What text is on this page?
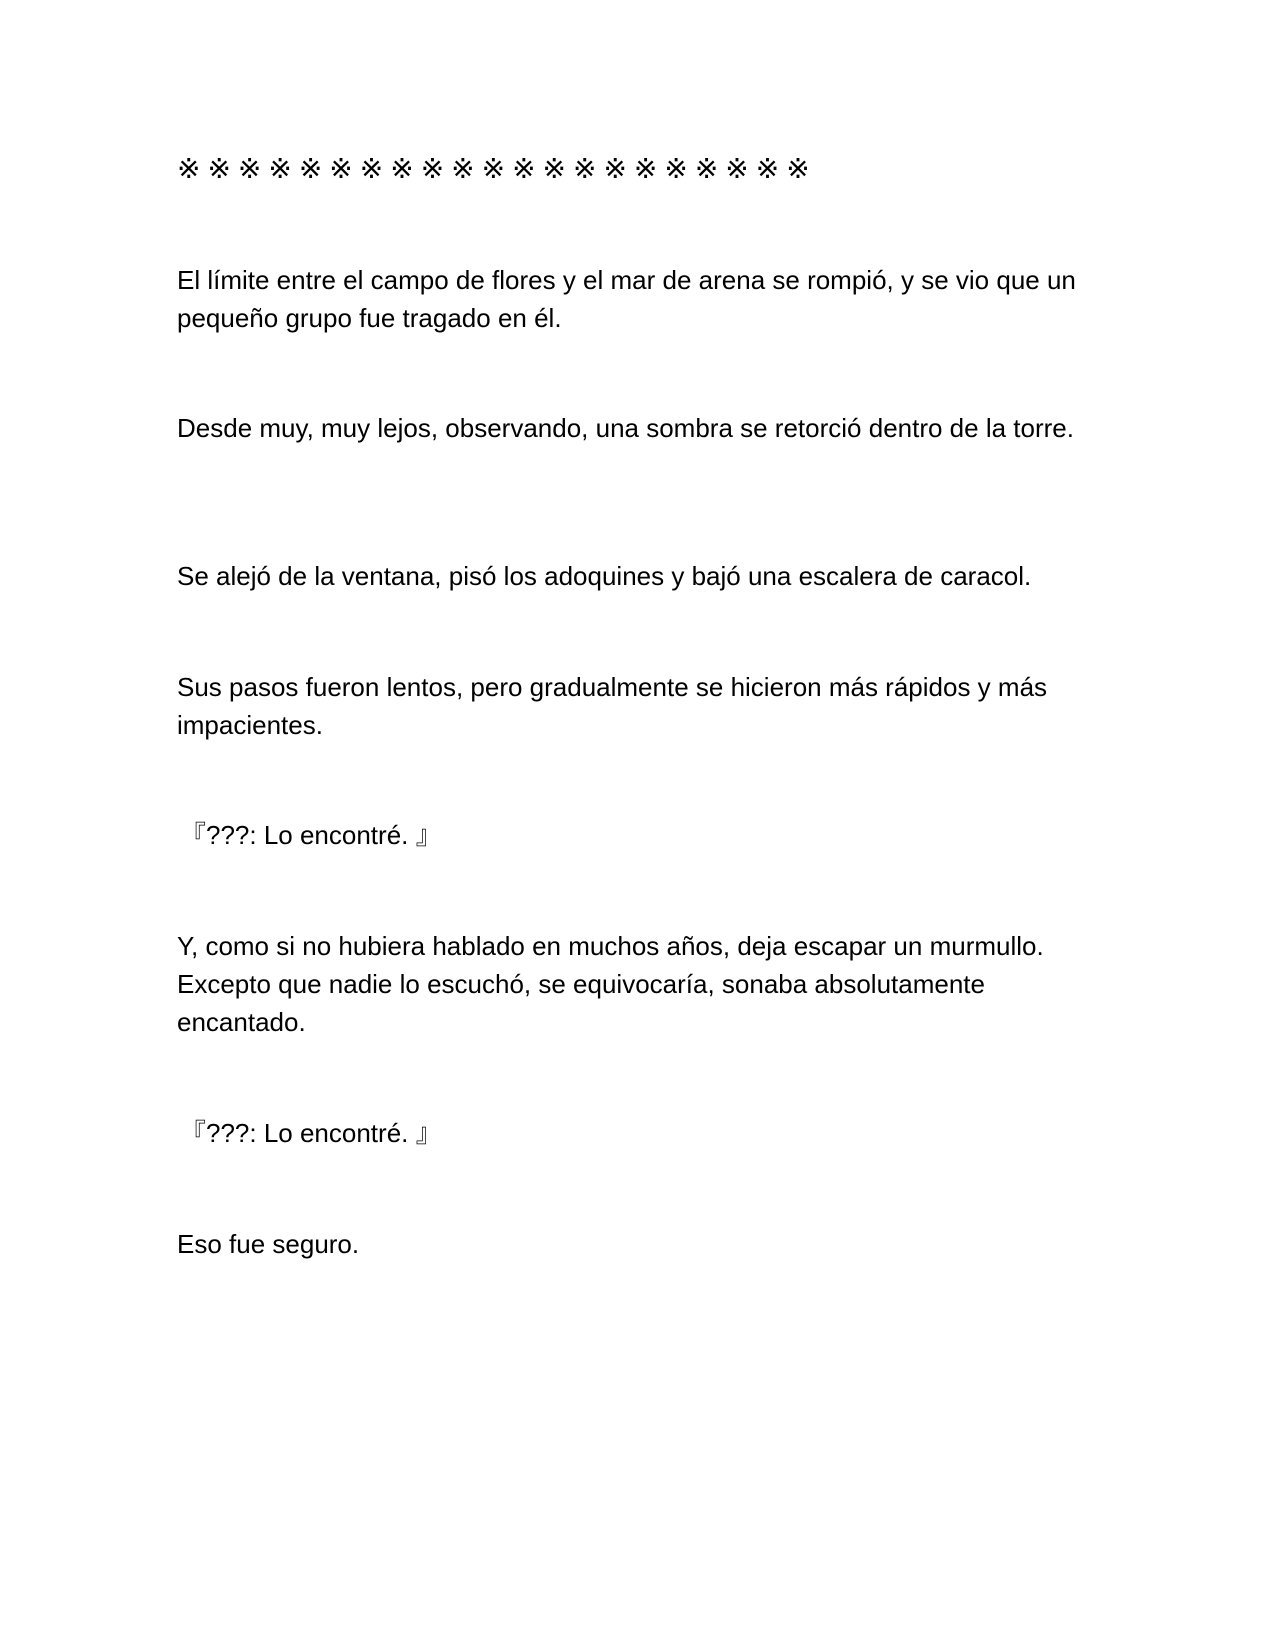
※※※※※※※※※※※※※※※※※※※※※

El límite entre el campo de flores y el mar de arena se rompió, y se vio que un pequeño grupo fue tragado en él.

Desde muy, muy lejos, observando, una sombra se retorció dentro de la torre.

Se alejó de la ventana, pisó los adoquines y bajó una escalera de caracol.

Sus pasos fueron lentos, pero gradualmente se hicieron más rápidos y más impacientes.

『???: Lo encontré. 』

Y, como si no hubiera hablado en muchos años, deja escapar un murmullo. Excepto que nadie lo escuchó, se equivocaría, sonaba absolutamente encantado.

『???: Lo encontré. 』

Eso fue seguro.
